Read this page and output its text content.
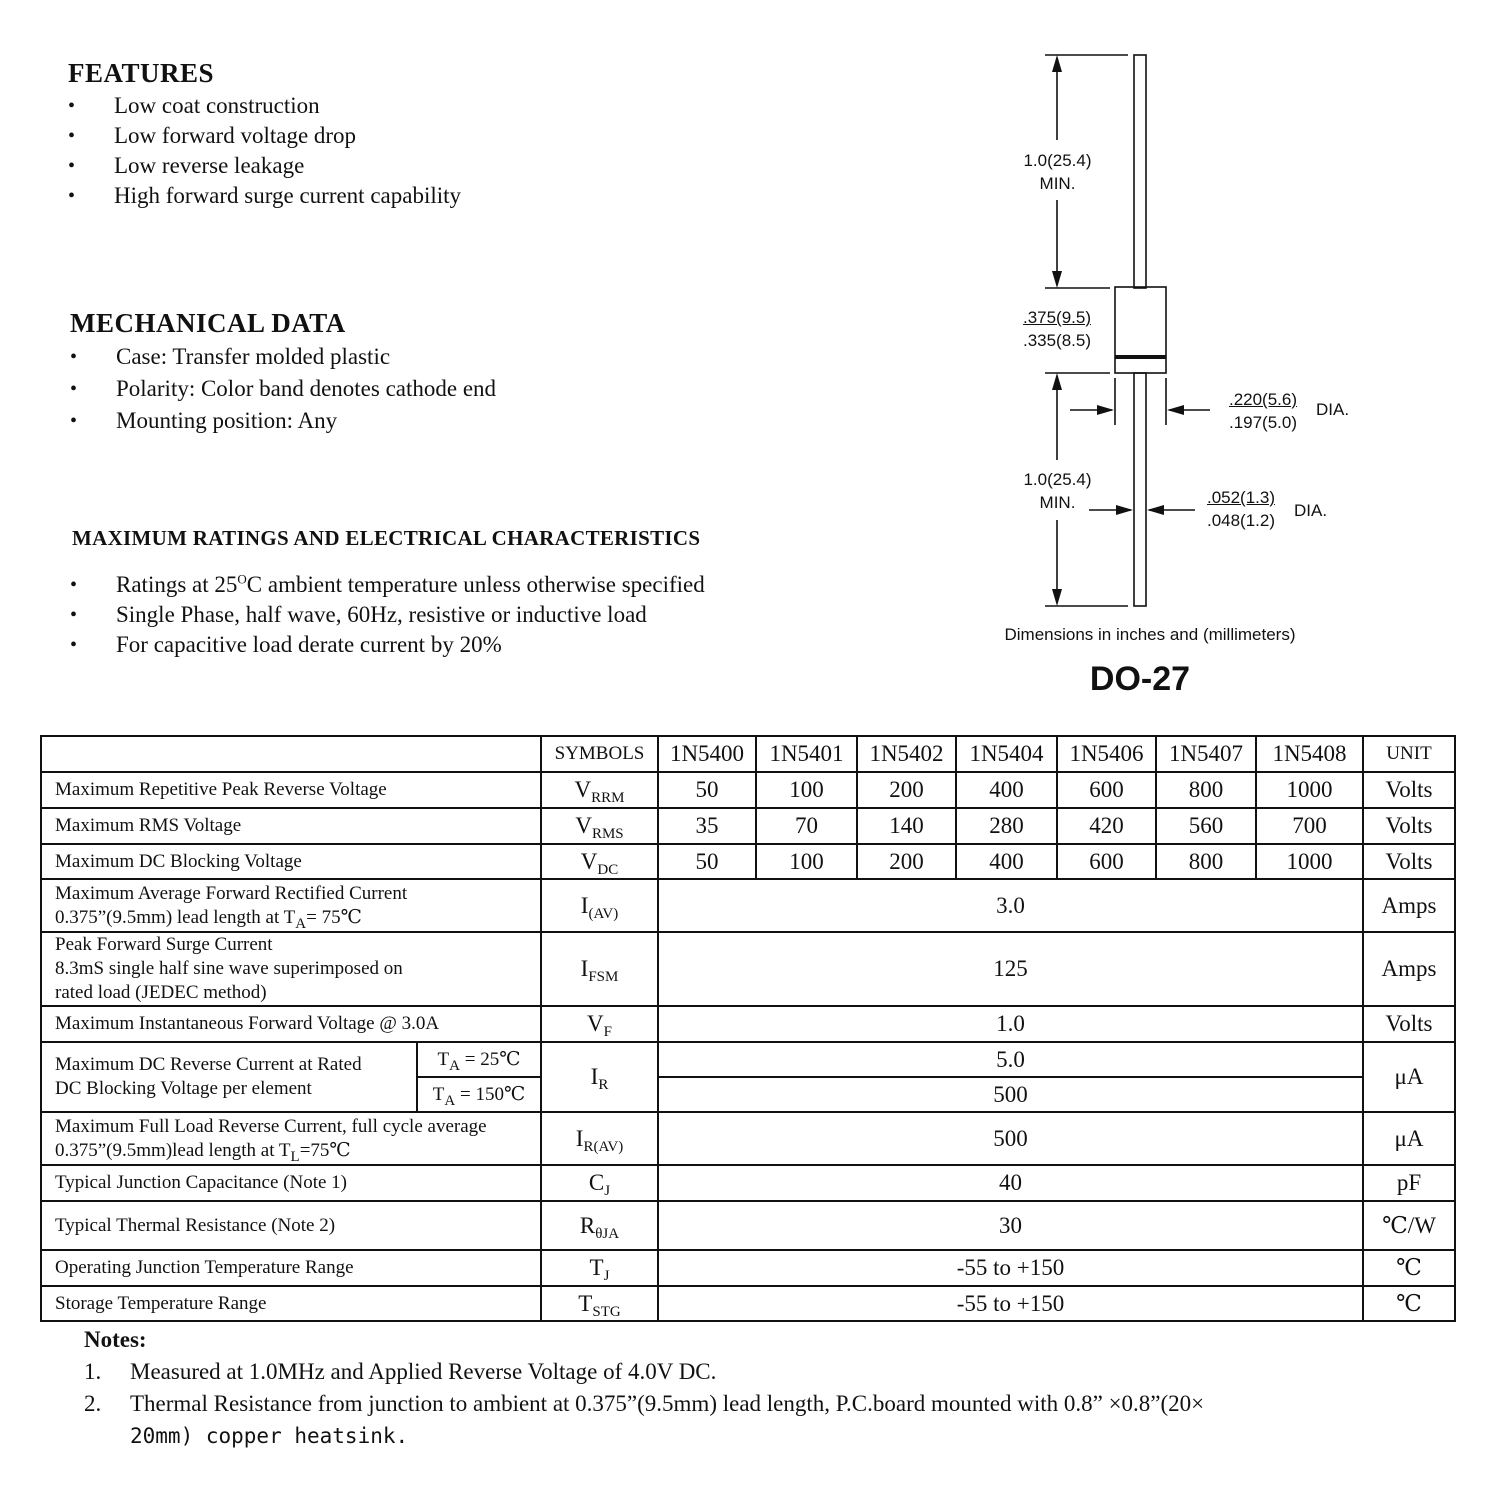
FEATURES
• Low coat construction
• Low forward voltage drop
• Low reverse leakage
• High forward surge current capability
MECHANICAL DATA
• Case: Transfer molded plastic
• Polarity: Color band denotes cathode end
• Mounting position: Any
MAXIMUM RATINGS AND ELECTRICAL CHARACTERISTICS
• Ratings at $25^OC$ ambient temperature unless otherwise specified
• Single Phase, half wave, 60Hz, resistive or inductive load
• For capacitive load derate current by 20%
1.0(25.4)
MIN.
$\frac{.375(9.5)}{.335(8.5)}$
$\frac{.220(5.6)}{.197(5.0)}$ DIA.
1.0(25.4)
MIN.	$\frac{.052(1.3)}{.048(1.2)}$ DIA.
Dimensions in inches and (millimeters)
DO-27
		SYMBOLS	1N5400	1N5401	1N5402	1N5404	1N5406	1N5407	1N5408	UNIT
Maximum Repetitive Peak Reverse Voltage		$V_{RRM}$	50	100	200	400	600	800	1000	Volts
Maximum RMS Voltage		$V_{RMS}$	35	70	140	280	420	560	700	Volts
Maximum DC Blocking Voltage		$V_{DC}$	50	100	200	400	600	800	1000	Volts

Maximum Average Forward Rectified Current
0.375”(9.5mm) lead length at $T_A=$ 75℃		$I_{(AV)}$	3.0							Amps

Peak Forward Surge Current
8.3mS single half sine wave superimposed on
rated load (JEDEC method)		$I_{FSM}$	125							Amps
Maximum Instantaneous Forward Voltage @ 3.0A		$V_F$	1.0							Volts

Maximum DC Reverse Current at Rated
DC Blocking Voltage per element	$T_A$ = 25℃	$I_R$	5.0							μA
	$T_A$ = 150℃		500							

Maximum Full Load Reverse Current, full cycle average
0.375”(9.5mm)lead length at $T_L=75℃$		$I_{R(AV)}$	500							μA
Typical Junction Capacitance (Note 1)		$C_J$	40							pF
Typical Thermal Resistance (Note 2)		$R_{\theta JA}$	30							℃/W
Operating Junction Temperature Range		$T_J$	-55 to +150							℃
Storage Temperature Range		$T_{STG}$	-55 to +150							℃
Notes:
1.	Measured at 1.0MHz and Applied Reverse Voltage of 4.0V DC.
2.	Thermal Resistance from junction to ambient at 0.375”(9.5mm) lead length, P.C.board mounted with 0.8” ×0.8”(20×
20mm) copper heatsink.
